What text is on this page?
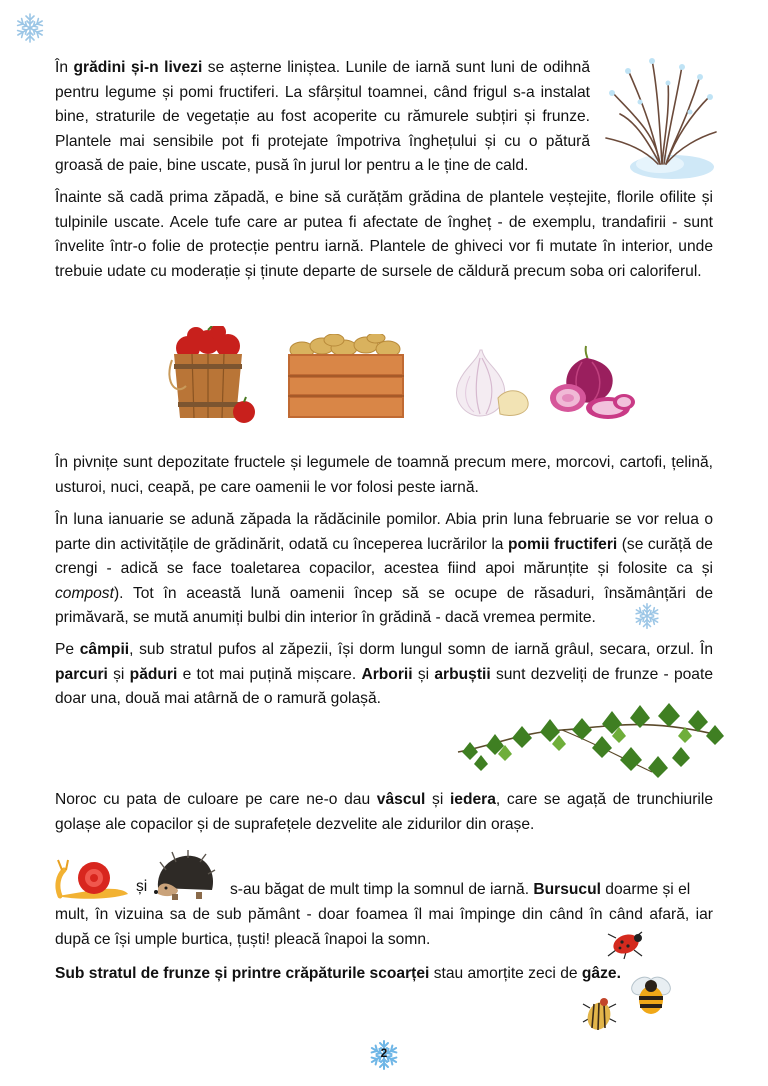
În grădini și-n livezi se așterne liniștea. Lunile de iarnă sunt luni de odihnă pentru legume și pomi fructiferi. La sfârșitul toamnei, când frigul s-a instalat bine, straturile de vegetație au fost acoperite cu rămurele subțiri și frunze. Plantele mai sensibile pot fi protejate împotriva înghețului și cu o pătură groasă de paie, bine uscate, pusă în jurul lor pentru a le ține de cald.

Înainte să cadă prima zăpadă, e bine să curățăm grădina de plantele veștejite, florile ofilite și tulpinile uscate. Acele tufe care ar putea fi afectate de îngheț - de exemplu, trandafirii - sunt învelite într-o folie de protecție pentru iarnă. Plantele de ghiveci vor fi mutate în interior, unde trebuie udate cu moderație și ținute departe de sursele de căldură precum soba ori caloriferul.

În pivnițe sunt depozitate fructele și legumele de toamnă precum mere, morcovi, cartofi, țelină, usturoi, nuci, ceapă, pe care oamenii le vor folosi peste iarnă.

În luna ianuarie se adună zăpada la rădăcinile pomilor. Abia prin luna februarie se vor relua o parte din activitățile de grădinărit, odată cu începerea lucrărilor la pomii fructiferi (se curăță de crengi - adică se face toaletarea copacilor, acestea fiind apoi mărunțite și folosite ca și compost). Tot în această lună oamenii încep să se ocupe de răsaduri, însămânțări de primăvară, se mută anumiți bulbi din interior în grădină - dacă vremea permite.

Pe câmpii, sub stratul pufos al zăpezii, își dorm lungul somn de iarnă grâul, secara, orzul. În parcuri și păduri e tot mai puțină mișcare. Arborii și arbuștii sunt dezveliți de frunze - poate doar una, două mai atârnă de o ramură golașă.

Noroc cu pata de culoare pe care ne-o dau vâscul și iedera, care se agață de trunchiurile golașe ale copacilor și de suprafețele dezvelite ale zidurilor din orașe.

și	s-au băgat de mult timp la somnul de iarnă. Bursucul doarme și el

mult, în vizuina sa de sub pământ - doar foamea îl mai împinge din când în când afară, iar după ce își umple burtica, țuști! pleacă înapoi la somn.

Sub stratul de frunze și printre crăpăturile scoarței stau amorțite zeci de gâze.

2
